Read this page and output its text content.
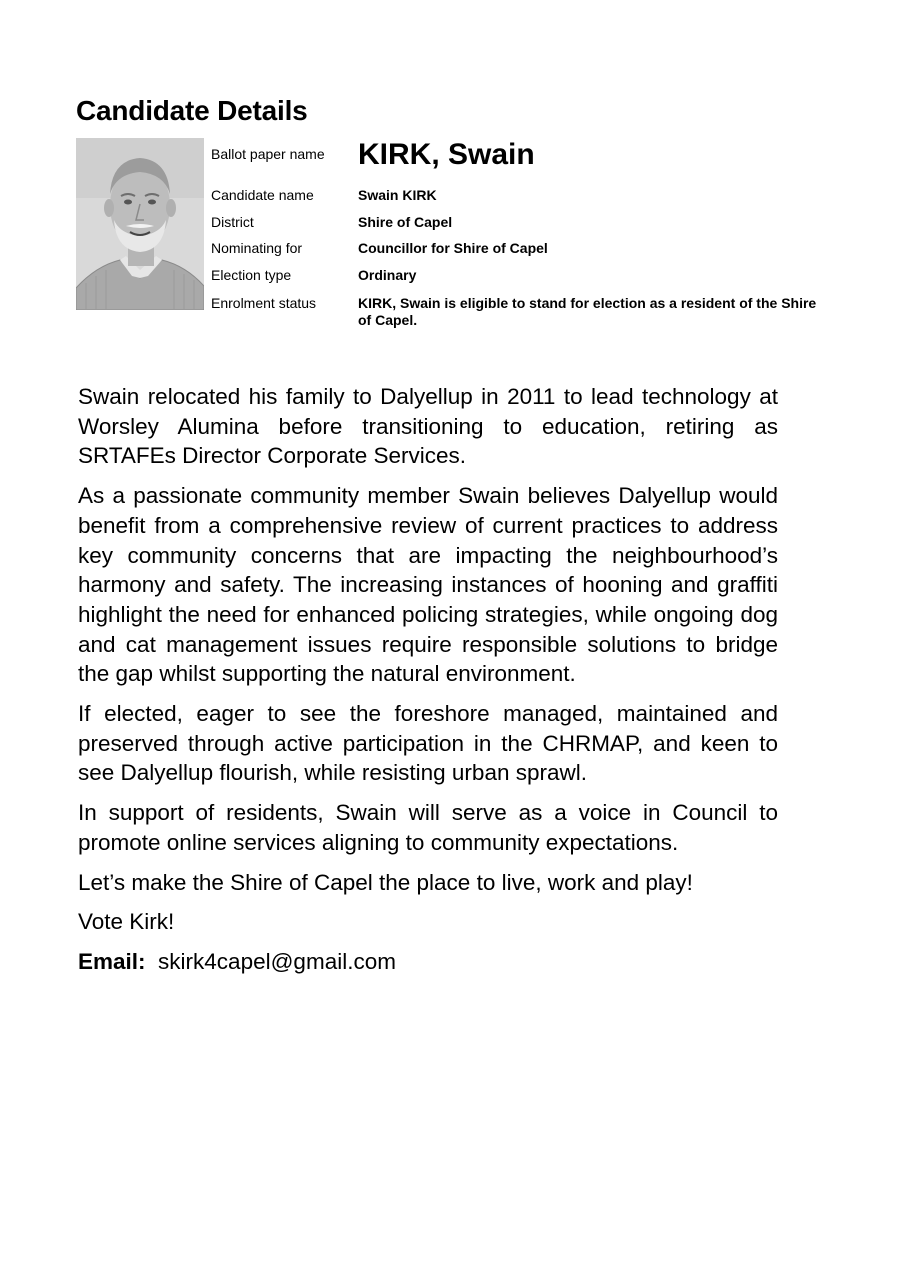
Candidate Details
Ballot paper name KIRK, Swain
Candidate name	Swain KIRK
District	Shire of Capel
Nominating for	Councillor for Shire of Capel
Election type	Ordinary
Enrolment status	KIRK, Swain is eligible to stand for election as a resident of the Shire of Capel.

Swain relocated his family to Dalyellup in 2011 to lead technology at Worsley Alumina before transitioning to education, retiring as SRTAFEs Director Corporate Services.

As a passionate community member Swain believes Dalyellup would benefit from a comprehensive review of current practices to address key community concerns that are impacting the neighbourhood’s harmony and safety. The increasing instances of hooning and graffiti highlight the need for enhanced policing strategies, while ongoing dog and cat management issues require responsible solutions to bridge the gap whilst supporting the natural environment.

If elected, eager to see the foreshore managed, maintained and preserved through active participation in the CHRMAP, and keen to see Dalyellup flourish, while resisting urban sprawl.

In support of residents, Swain will serve as a voice in Council to promote online services aligning to community expectations.

Let’s make the Shire of Capel the place to live, work and play!

Vote Kirk!

Email: skirk4capel@gmail.com
